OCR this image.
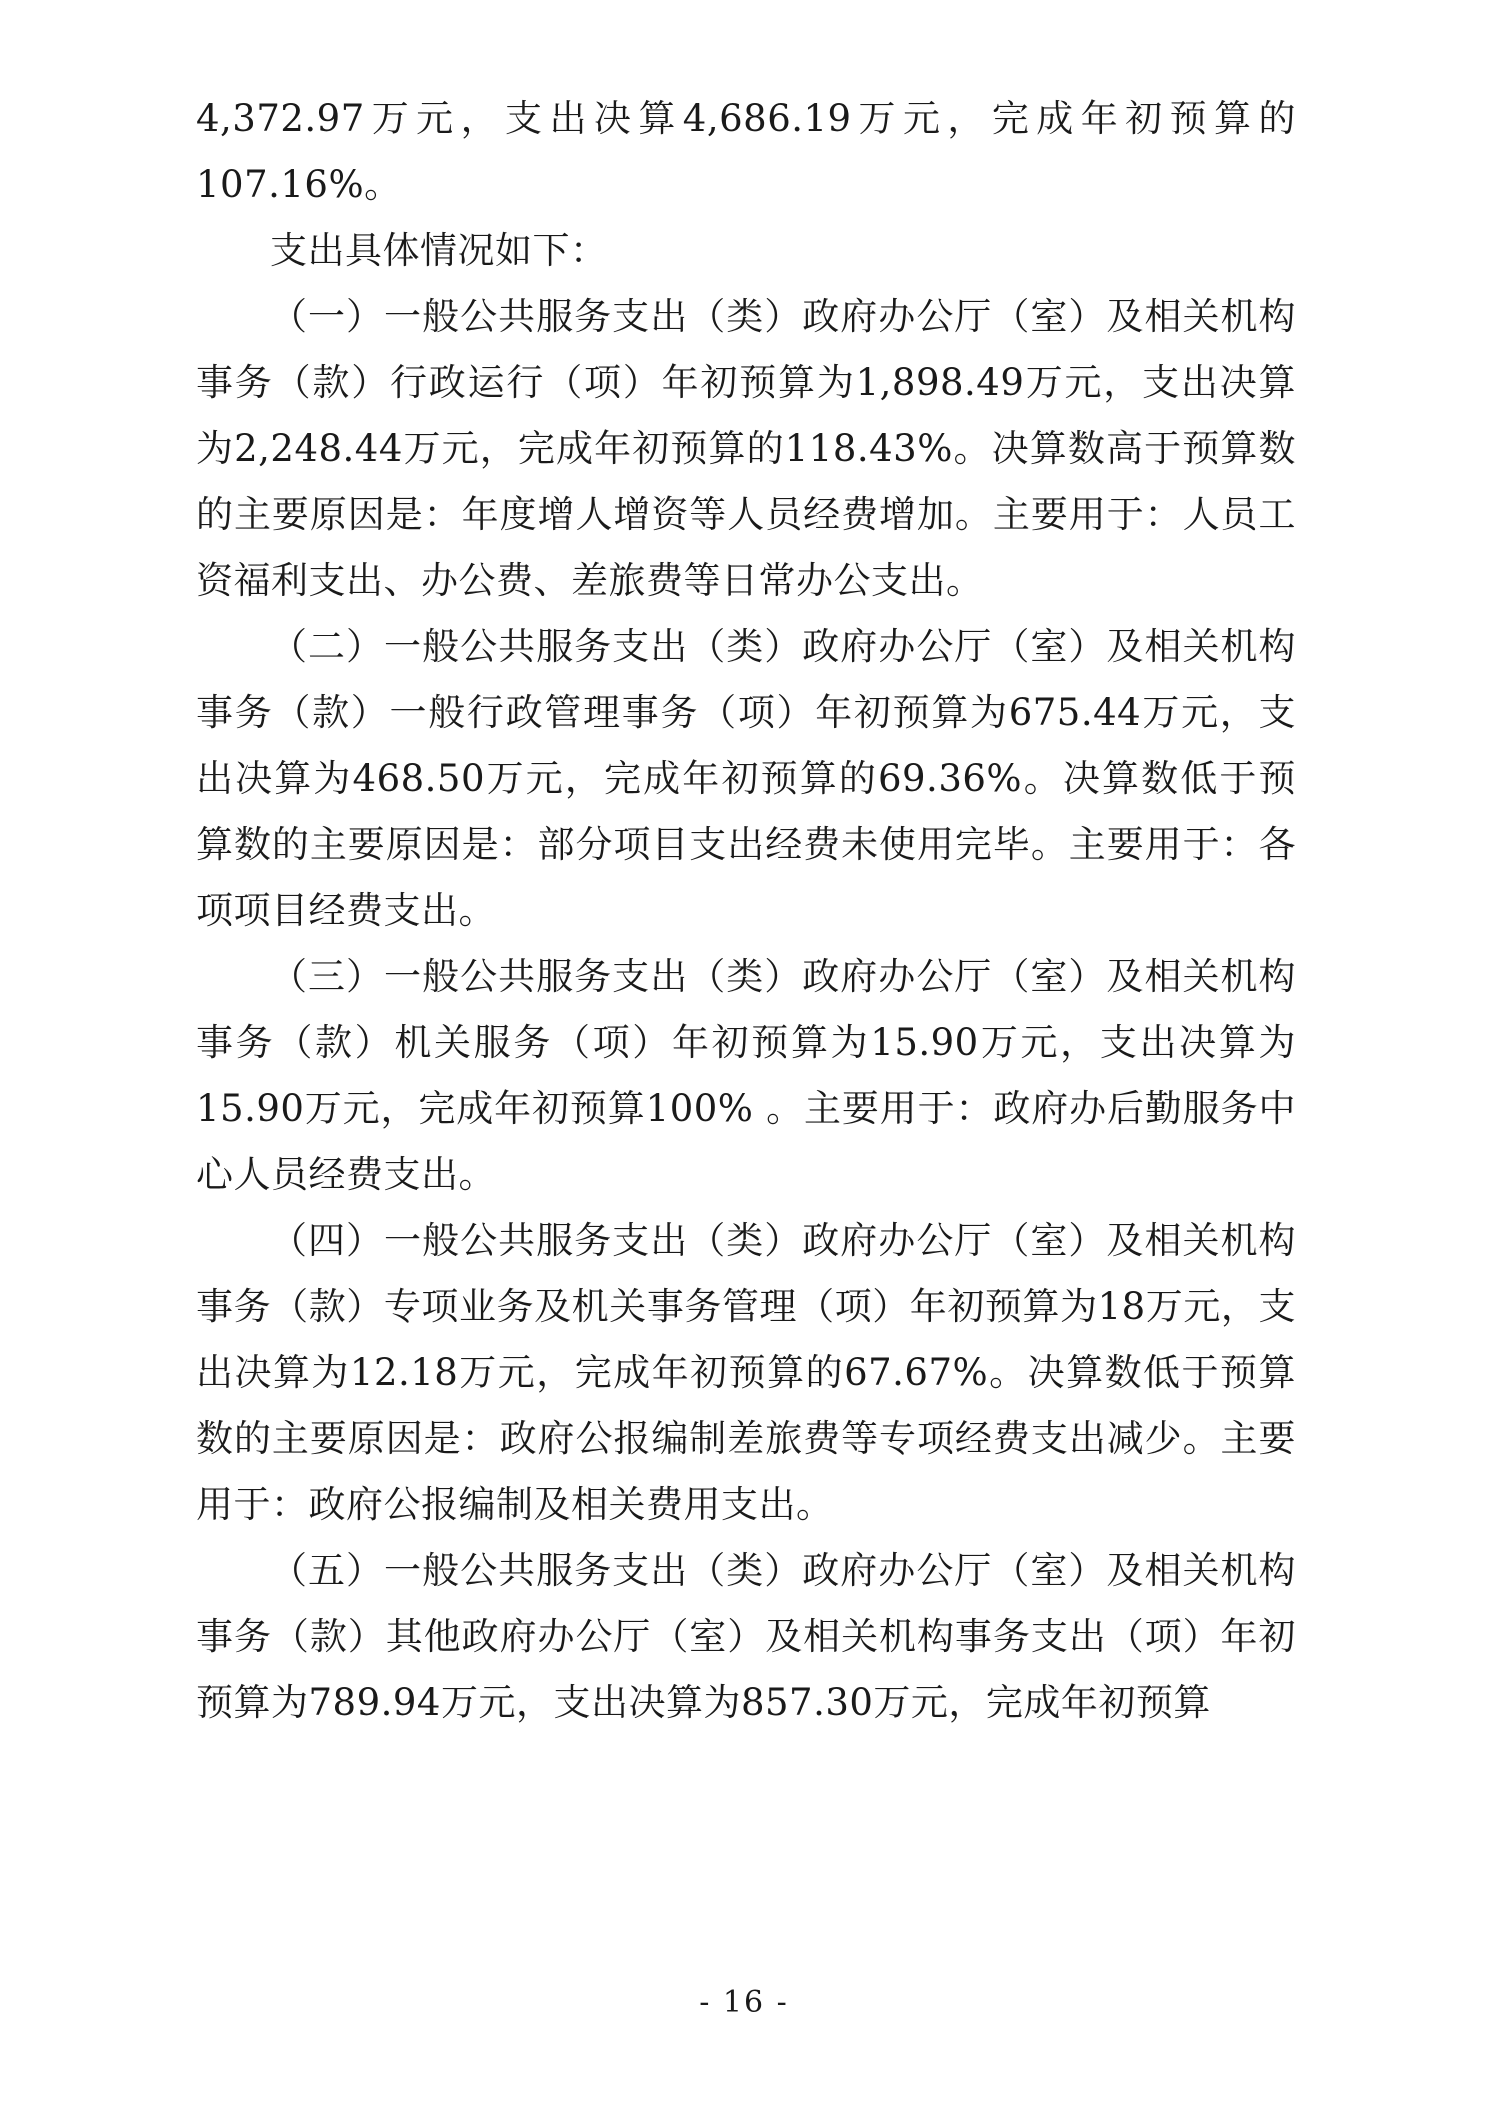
4,372.97万元，支出决算4,686.19万元，完成年初预算的107.16%。

支出具体情况如下：

（一）一般公共服务支出（类）政府办公厅（室）及相关机构事务（款）行政运行（项）年初预算为1,898.49万元，支出决算为2,248.44万元，完成年初预算的118.43%。决算数高于预算数的主要原因是：年度增人增资等人员经费增加。主要用于：人员工资福利支出、办公费、差旅费等日常办公支出。

（二）一般公共服务支出（类）政府办公厅（室）及相关机构事务（款）一般行政管理事务（项）年初预算为675.44万元，支出决算为468.50万元，完成年初预算的69.36%。决算数低于预算数的主要原因是：部分项目支出经费未使用完毕。主要用于：各项项目经费支出。

（三）一般公共服务支出（类）政府办公厅（室）及相关机构事务（款）机关服务（项）年初预算为15.90万元，支出决算为15.90万元，完成年初预算100% 。主要用于：政府办后勤服务中心人员经费支出。

（四）一般公共服务支出（类）政府办公厅（室）及相关机构事务（款）专项业务及机关事务管理（项）年初预算为18万元，支出决算为12.18万元，完成年初预算的67.67%。决算数低于预算数的主要原因是：政府公报编制差旅费等专项经费支出减少。主要用于：政府公报编制及相关费用支出。

（五）一般公共服务支出（类）政府办公厅（室）及相关机构事务（款）其他政府办公厅（室）及相关机构事务支出（项）年初预算为789.94万元，支出决算为857.30万元，完成年初预算

- 16 -
